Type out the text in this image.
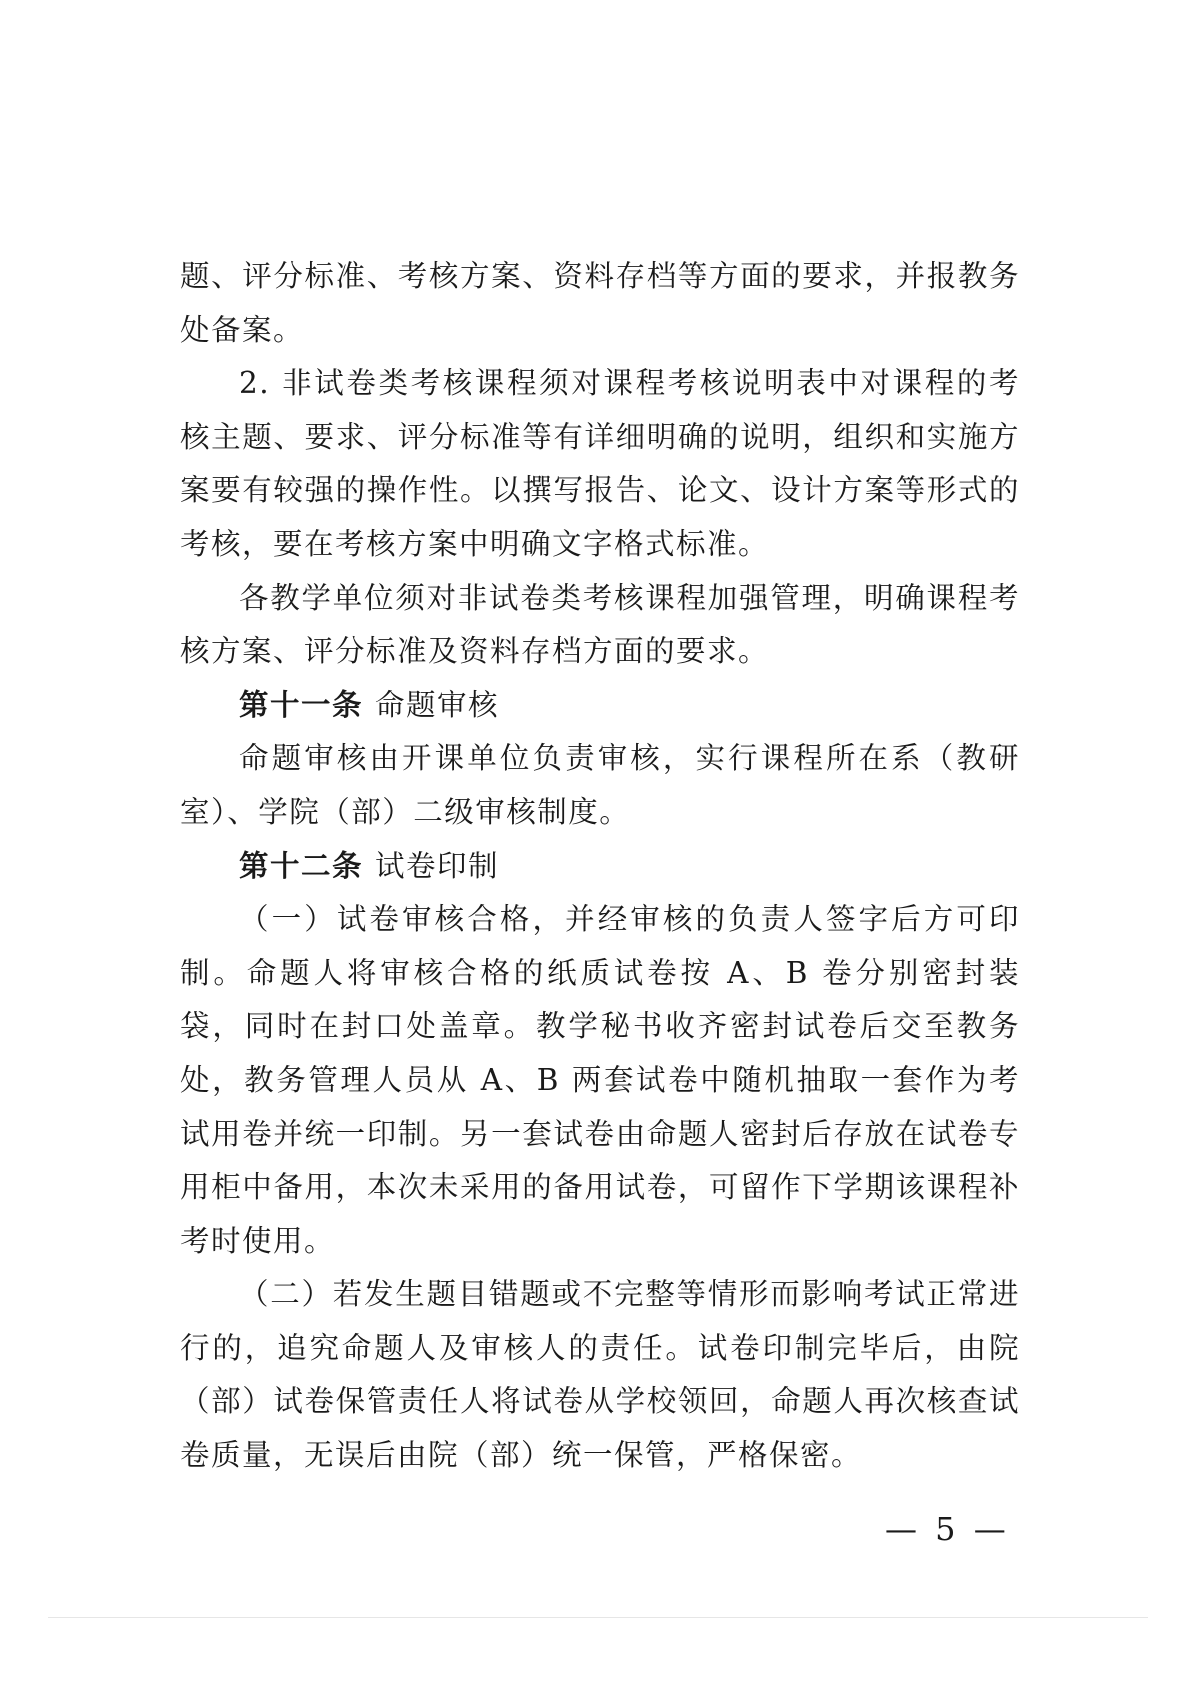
题、评分标准、考核方案、资料存档等方面的要求，并报教务处备案。

2. 非试卷类考核课程须对课程考核说明表中对课程的考核主题、要求、评分标准等有详细明确的说明，组织和实施方案要有较强的操作性。以撰写报告、论文、设计方案等形式的考核，要在考核方案中明确文字格式标准。

各教学单位须对非试卷类考核课程加强管理，明确课程考核方案、评分标准及资料存档方面的要求。

第十一条 命题审核

命题审核由开课单位负责审核，实行课程所在系（教研室）、学院（部）二级审核制度。

第十二条 试卷印制

（一）试卷审核合格，并经审核的负责人签字后方可印制。命题人将审核合格的纸质试卷按 A、B 卷分别密封装袋，同时在封口处盖章。教学秘书收齐密封试卷后交至教务处，教务管理人员从 A、B 两套试卷中随机抽取一套作为考试用卷并统一印制。另一套试卷由命题人密封后存放在试卷专用柜中备用，本次未采用的备用试卷，可留作下学期该课程补考时使用。

（二）若发生题目错题或不完整等情形而影响考试正常进行的，追究命题人及审核人的责任。试卷印制完毕后，由院（部）试卷保管责任人将试卷从学校领回，命题人再次核查试卷质量，无误后由院（部）统一保管，严格保密。

— 5 —
